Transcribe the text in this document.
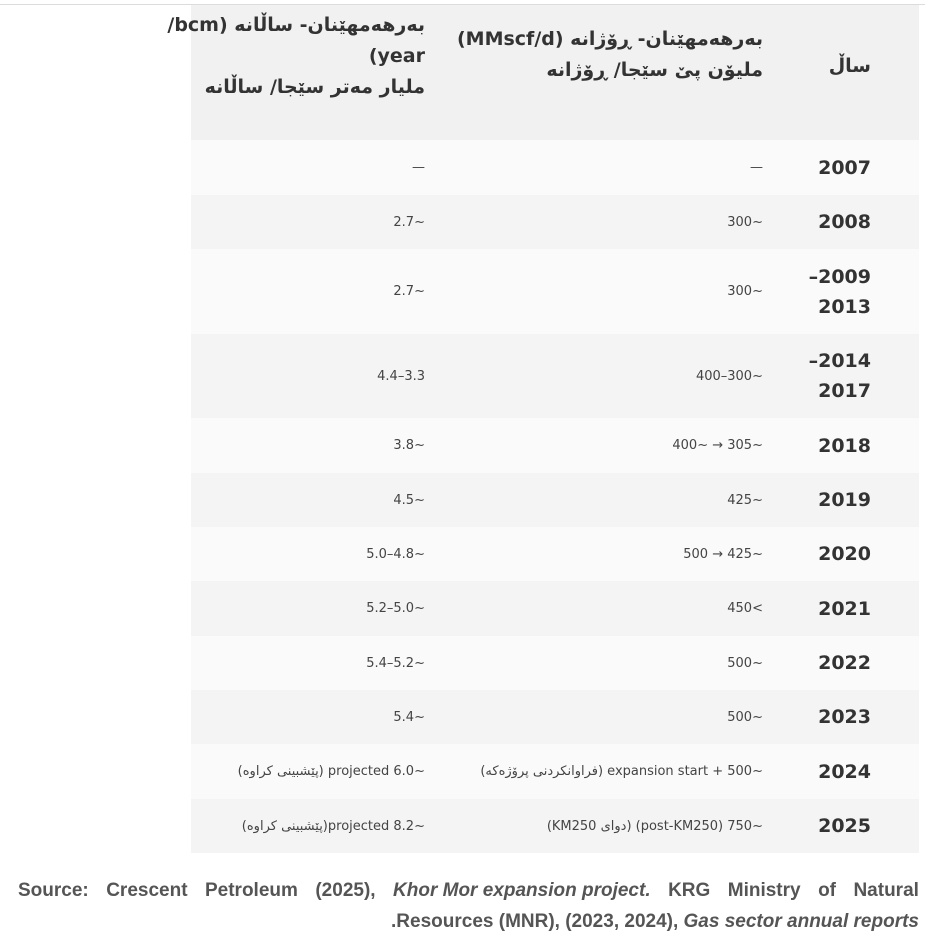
ساڵ
بەرهەمهێنان- ڕۆژانە (MMscf/d)
ملیۆن پێ سێجا/ ڕۆژانە
بەرهەمهێنان- ساڵانە (bcm/
year)
ملیار مەتر سێجا/ ساڵانە
2007
—
—
2008
~300
~2.7
2009–
2013
~300
~2.7
2014–
2017
~300–400
3.3–4.4
2018
~305 → ~400
~3.8
2019
~425
~4.5
2020
~425 → 500
~4.8–5.0
2021
>450
~5.0–5.2
2022
~500
~5.2–5.4
2023
~500
~5.4
2024
~500 + expansion start (فراوانکردنی پرۆژەکە)
~6.0 projected (پێشبینی کراوە)
2025
~750 (post-KM250) (دوای KM250)
~8.2 projected(پێشبینی کراوە)
Source: Crescent Petroleum (2025), Khor Mor expansion project. KRG Ministry of Natural
.Resources (MNR), (2023, 2024), Gas sector annual reports
